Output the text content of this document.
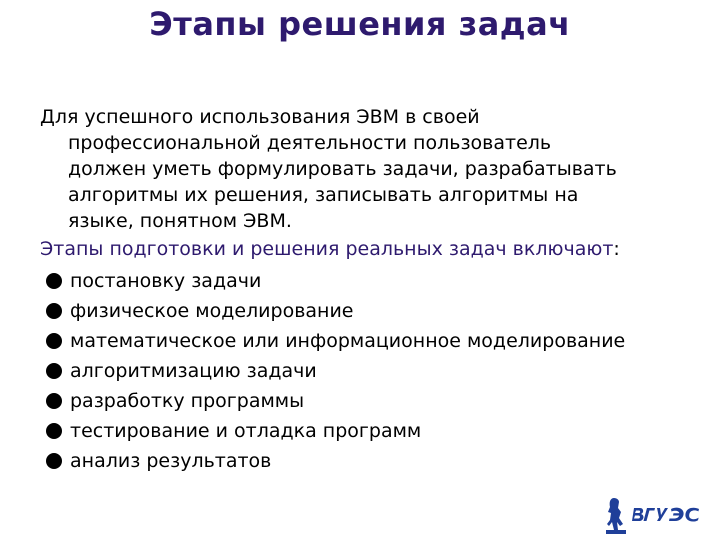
Этапы решения задач
Для успешного использования ЭВМ в своей
профессиональной деятельности пользователь
должен уметь формулировать задачи, разрабатывать
алгоритмы их решения, записывать алгоритмы на
языке, понятном ЭВМ.
Этапы подготовки и решения реальных задач включают:
постановку задачи
физическое моделирование
математическое или информационное моделирование
алгоритмизацию задачи
разработку программы
тестирование и отладка программ
анализ результатов
